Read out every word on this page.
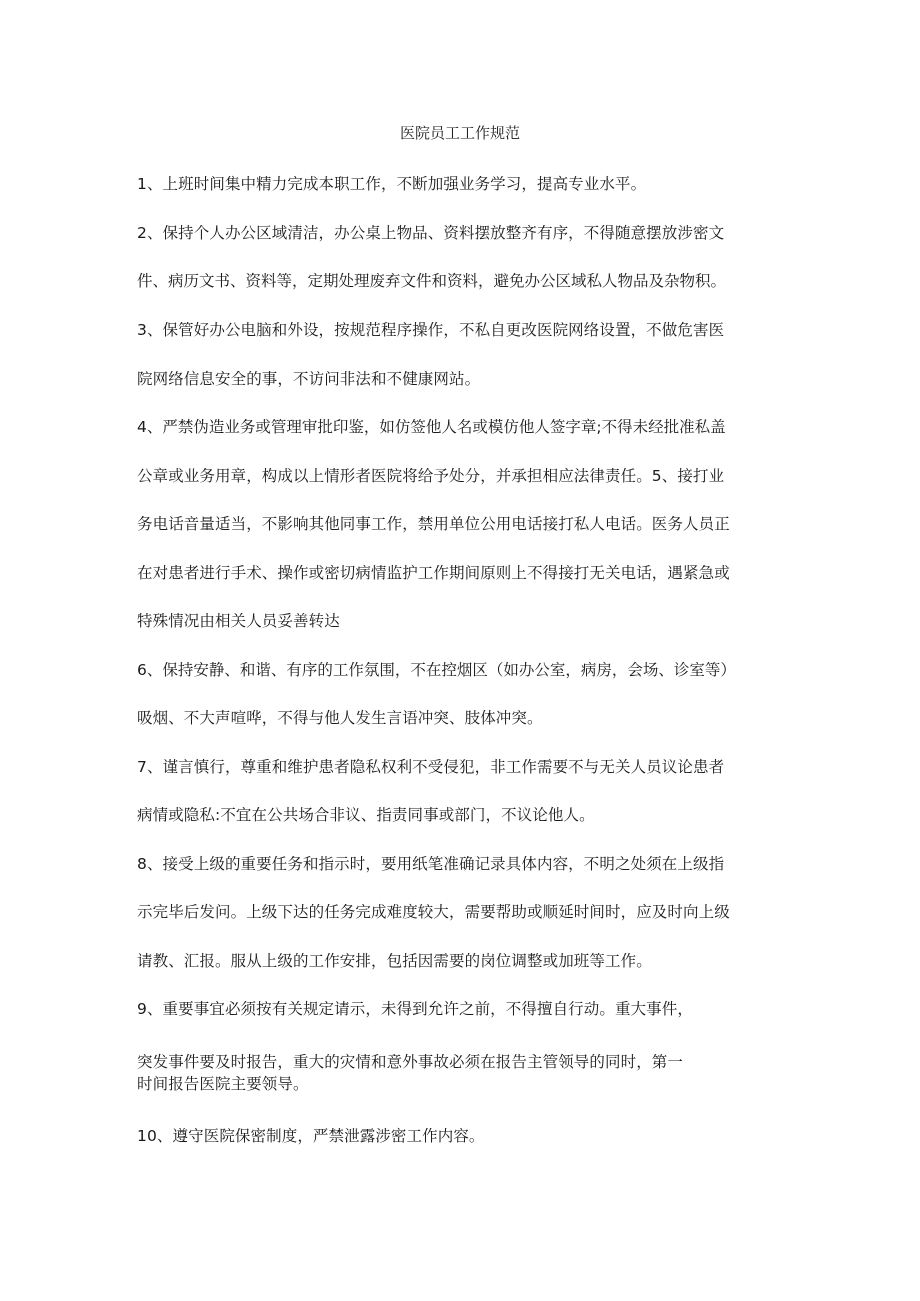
医院员工工作规范
1、上班时间集中精力完成本职工作，不断加强业务学习，提高专业水平。
2、保持个人办公区域清洁，办公桌上物品、资料摆放整齐有序，不得随意摆放涉密文
件、病历文书、资料等，定期处理废弃文件和资料，避免办公区域私人物品及杂物积。
3、保管好办公电脑和外设，按规范程序操作，不私自更改医院网络设置，不做危害医
院网络信息安全的事，不访问非法和不健康网站。
4、严禁伪造业务或管理审批印鉴，如仿签他人名或模仿他人签字章;不得未经批准私盖
公章或业务用章，构成以上情形者医院将给予处分，并承担相应法律责任。5、接打业
务电话音量适当，不影响其他同事工作，禁用单位公用电话接打私人电话。医务人员正
在对患者进行手术、操作或密切病情监护工作期间原则上不得接打无关电话，遇紧急或
特殊情况由相关人员妥善转达
6、保持安静、和谐、有序的工作氛围，不在控烟区（如办公室，病房，会场、诊室等）
吸烟、不大声喧哗，不得与他人发生言语冲突、肢体冲突。
7、谨言慎行，尊重和维护患者隐私权利不受侵犯，非工作需要不与无关人员议论患者
病情或隐私:不宜在公共场合非议、指责同事或部门，不议论他人。
8、接受上级的重要任务和指示时，要用纸笔准确记录具体内容，不明之处须在上级指
示完毕后发问。上级下达的任务完成难度较大，需要帮助或顺延时间时，应及时向上级
请教、汇报。服从上级的工作安排，包括因需要的岗位调整或加班等工作。
9、重要事宜必须按有关规定请示，未得到允许之前，不得擅自行动。重大事件，
突发事件要及时报告，重大的灾情和意外事故必须在报告主管领导的同时，第一
时间报告医院主要领导。
10、遵守医院保密制度，严禁泄露涉密工作内容。
